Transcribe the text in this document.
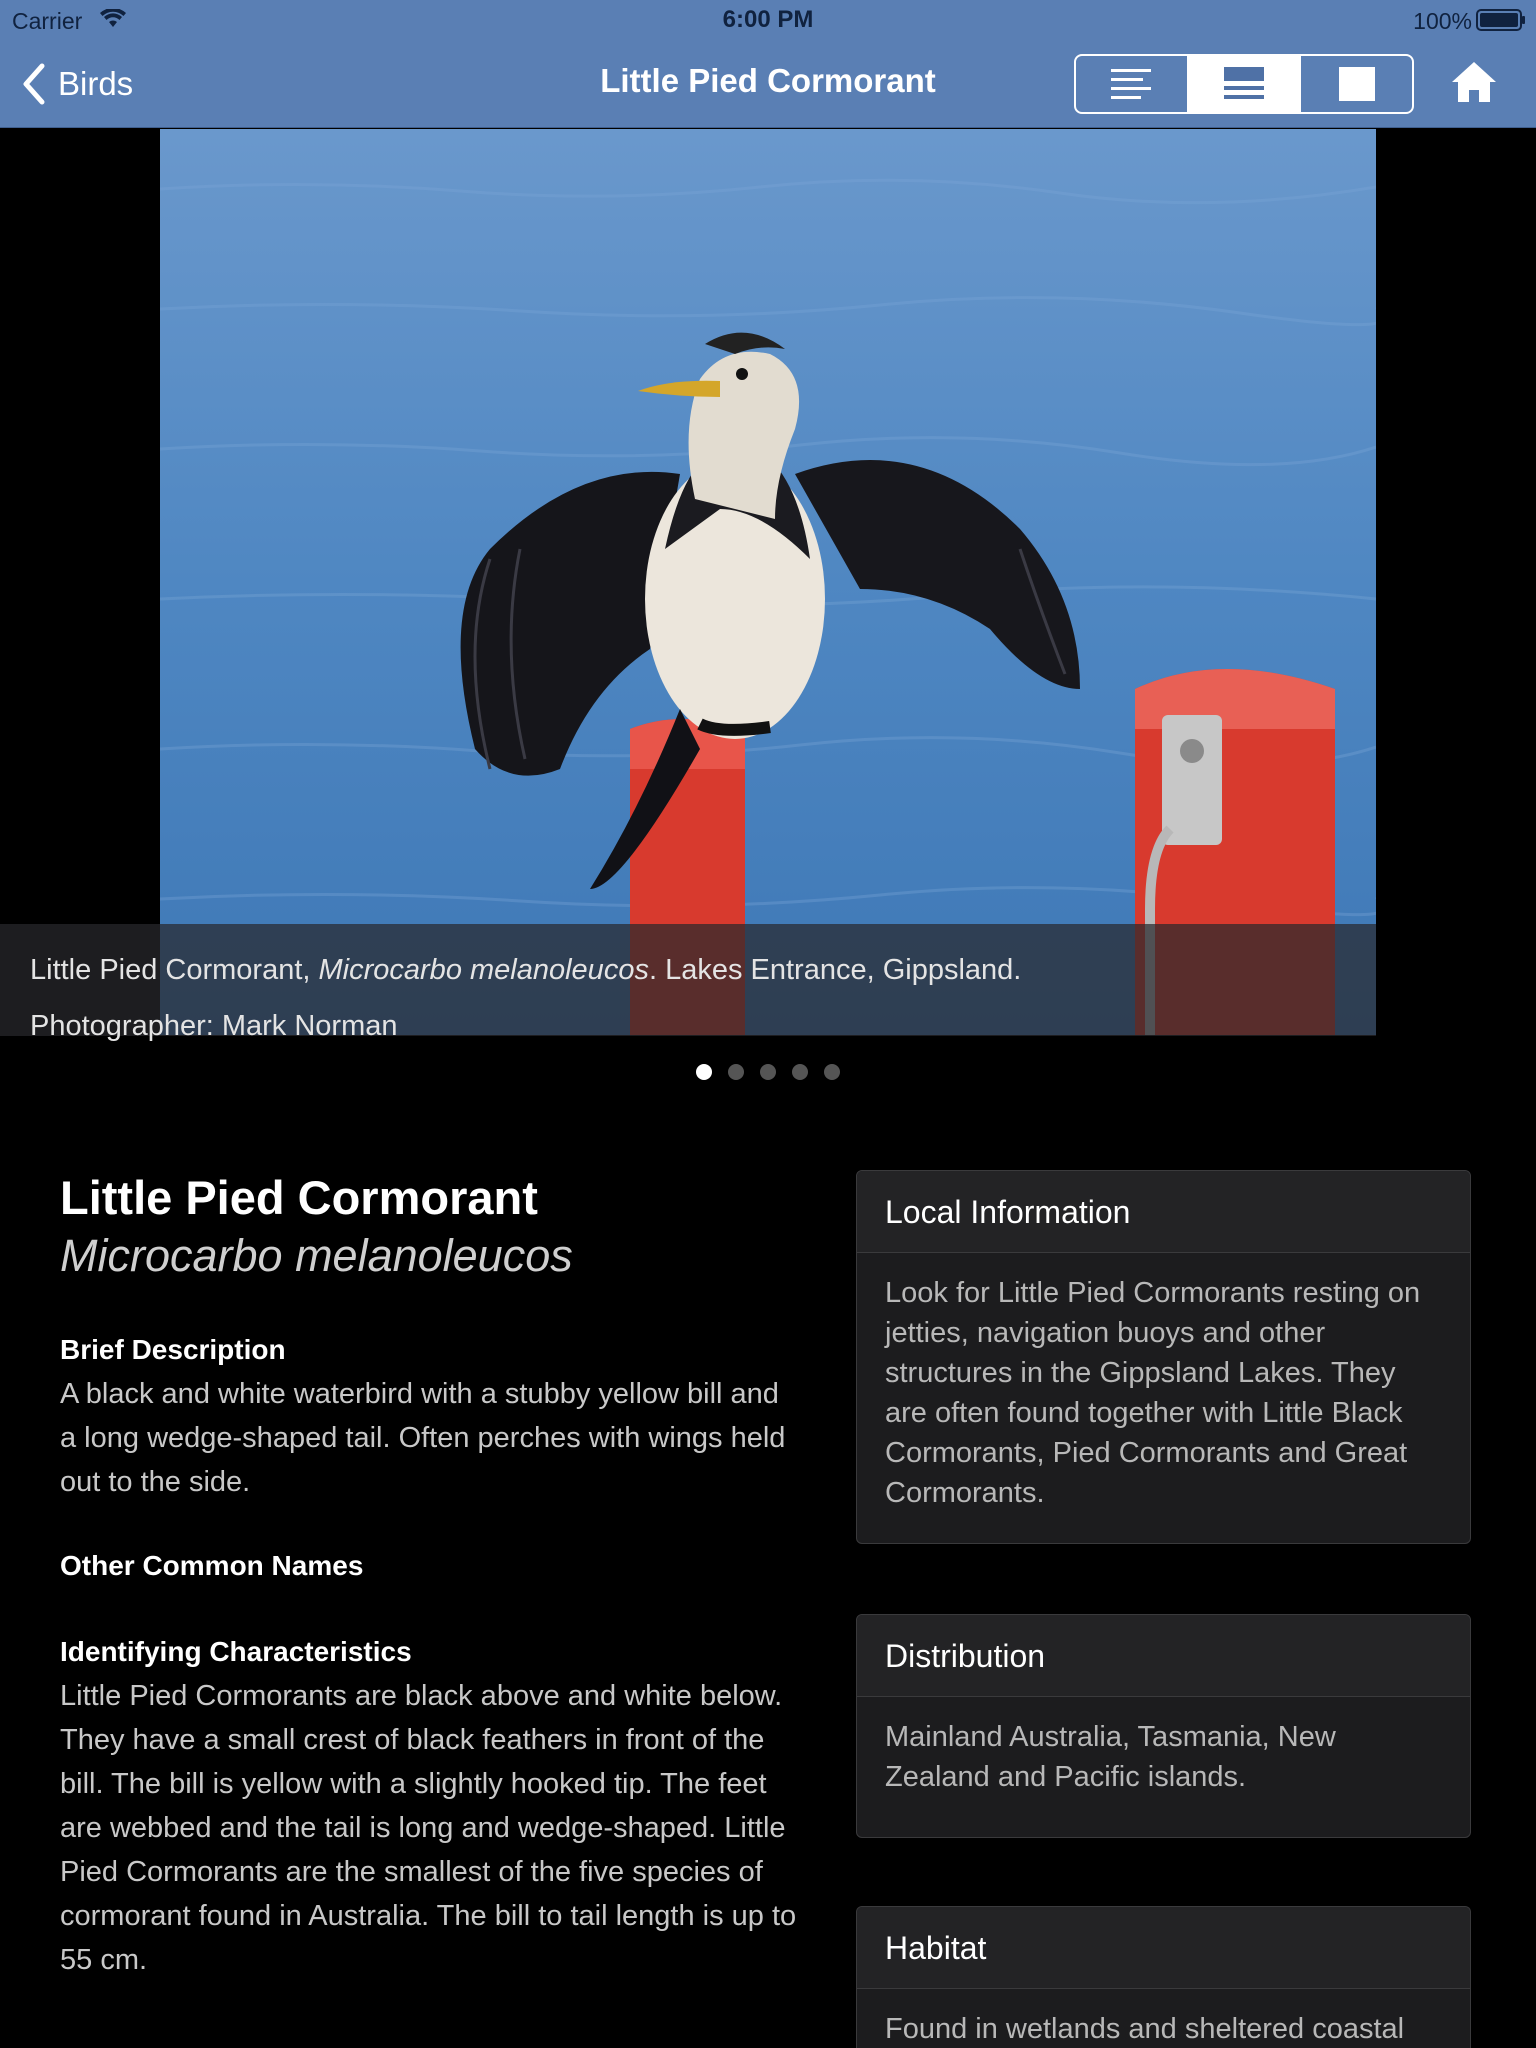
Carrier	6:00 PM	100%
Birds	Little Pied Cormorant
Little Pied Cormorant, Microcarbo melanoleucos. Lakes Entrance, Gippsland.
Photographer: Mark Norman
Little Pied Cormorant
Microcarbo melanoleucos
Brief Description
A black and white waterbird with a stubby yellow bill and a long wedge-shaped tail. Often perches with wings held out to the side.
Other Common Names
Identifying Characteristics
Little Pied Cormorants are black above and white below. They have a small crest of black feathers in front of the bill. The bill is yellow with a slightly hooked tip. The feet are webbed and the tail is long and wedge-shaped. Little Pied Cormorants are the smallest of the five species of cormorant found in Australia. The bill to tail length is up to 55 cm.
Local Information
Look for Little Pied Cormorants resting on jetties, navigation buoys and other structures in the Gippsland Lakes. They are often found together with Little Black Cormorants, Pied Cormorants and Great Cormorants.
Distribution
Mainland Australia, Tasmania, New Zealand and Pacific islands.
Habitat
Found in wetlands and sheltered coastal
